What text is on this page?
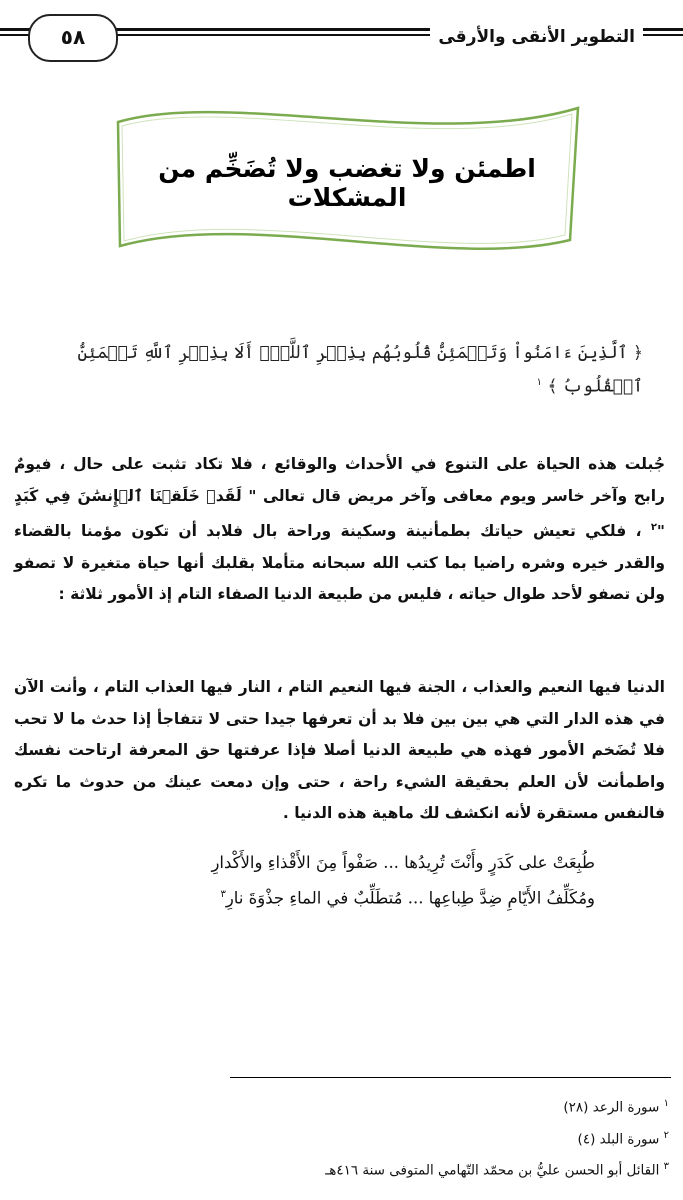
التطوير الأنقى والأرقى
٥٨
اطمئن ولا تغضب ولا تُضَخِّم من المشكلات
﴿ ٱلَّذِينَ ءَامَنُواْ وَتَطۡمَئِنُّ قُلُوبُهُم بِذِكۡرِ ٱللَّهِۗ أَلَا بِذِكۡرِ ٱللَّهِ تَطۡمَئِنُّ ٱلۡقُلُوبُ ﴾ $^١$
جُبلت هذه الحياة على التنوع في الأحداث والوقائع ، فلا تكاد تثبت على حال ، فيومٌ رابح وآخر خاسر ويوم معافى وآخر مريض قال تعالى " لَقَدۡ خَلَقۡنَا ٱلۡإِنسَٰنَ فِي كَبَدٍ "$^٢$ ، فلكي تعيش حياتك بطمأنينة وسكينة وراحة بال فلابد أن تكون مؤمنا بالقضاء والقدر خيره وشره راضيا بما كتب الله سبحانه متأملا بقلبك أنها حياة متغيرة لا تصفو ولن تصفو لأحد طوال حياته ، فليس من طبيعة الدنيا الصفاء التام إذ الأمور ثلاثة :
الدنيا فيها النعيم والعذاب ، الجنة فيها النعيم التام ، النار فيها العذاب التام ، وأنت الآن في هذه الدار التي هي بين بين فلا بد أن تعرفها جيدا حتى لا تتفاجأ إذا حدث ما لا تحب فلا تُضَخم الأمور فهذه هي طبيعة الدنيا أصلا فإذا عرفتها حق المعرفة ارتاحت نفسك واطمأنت لأن العلم بحقيقة الشيء راحة ، حتى وإن دمعت عينك من حدوث ما تكره فالنفس مستقرة لأنه انكشف لك ماهية هذه الدنيا .
طُبِعَتْ على كَدَرٍ وأَنْتَ تُرِيدُها ... صَفْواً مِنَ الأَقْذاءِ والأَكْدارِ
ومُكَلِّفُ الأَيّامِ ضِدَّ طِباعِها ... مُتطَلِّبٌ في الماءِ جذْوَةَ نارِ$^٣$
$^١$ سورة الرعد (٢٨)
$^٢$ سورة البلد (٤)
$^٣$ القائل أبو الحسن عليُّ بن محمّد التّهامي المتوفى سنة ٤١٦هـ
